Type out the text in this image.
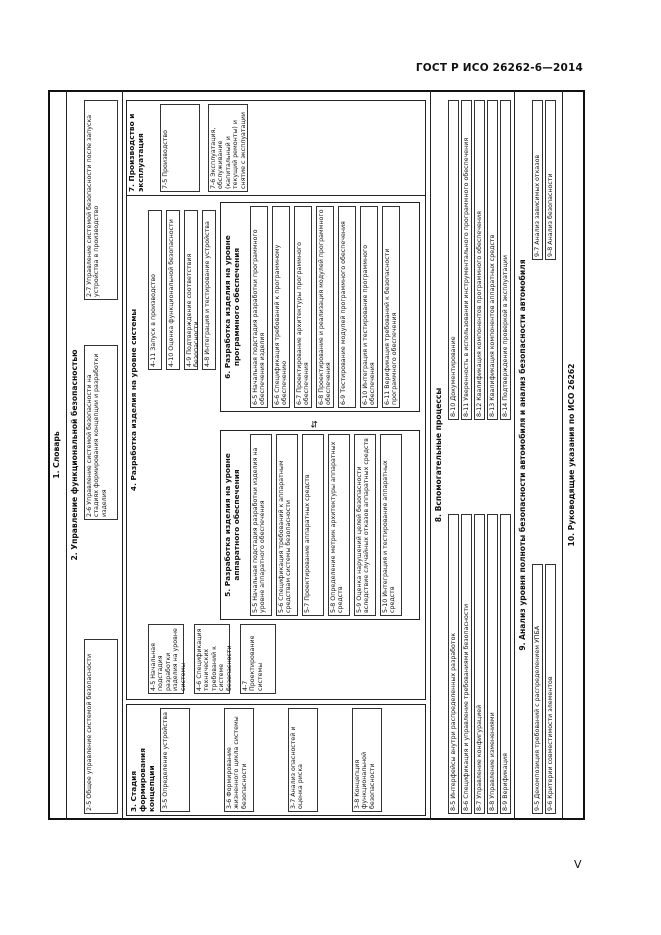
ГОСТ Р ИСО 26262-6—2014
V
1. Словарь 2. Управление функциональной безопасностью
2-5 Общее управление системой безопасности
2-6 Управление системой безопасности на стадиях формирования концепции и разработки изделия
2-7 Управление системой безопасности после запуска устройства в производство
3. Стадия формирования концепции
4. Разработка изделия на уровне системы
5. Разработка изделия на уровне аппаратного обеспечения
⇆
6. Разработка изделия на уровне программного обеспечения
7. Производство и эксплуатация
8. Вспомогательные процессы	9. Анализ уровня полноты безопасности автомобиля и анализ безопасности автомобиля	10. Руководящие указания по ИСО 26262
3-5 Определение устройства	3-6 Формирование жизненного цикла системы безопасности	3-7 Анализ опасностей и оценка риска	3-8 Концепция функциональной безопасности
4-5 Начальная подстадия разработки изделия на уровне системы	4-6 Спецификация технических требований к системе безопасности	4-7 Проектирование системы
4-11 Запуск в производство	4-10 Оценка функциональной безопасности	4-9 Подтверждение соответствия безопасности 4-8 Интеграция и тестирование устройства
5-5 Начальная подстадия разработки изделия на уровне аппаратного обеспечения	5-6 Спецификация требований к аппаратным средствам системы безопасности	5-7 Проектирование аппаратных средств	5-8 Определение метрик архитектуры аппаратных средств	5-9 Оценка нарушений целей безопасности вследствие случайных отказов аппаратных средств	5-10 Интеграция и тестирование аппаратных средств
6-5 Начальная подстадия разработки программного обеспечения изделия	6-6 Спецификация требований к программному обеспечению	6-7 Проектирование архитектуры программного обеспечения	6-8 Проектирование и реализация модулей программного обеспечения	6-9 Тестирование модулей программного обеспечения	6-10 Интеграция и тестирование программного обеспечения	6-11 Верификация требований к безопасности программного обеспечения
7-5 Производство	7-6 Эксплуатация, обслуживание (капитальный и текущий ремонты) и снятие с эксплуатации
8-5 Интерфейсы внутри распределенных разработок 8-6 Спецификация и управление требованиями безопасности 8-7 Управление конфигурацией 8-8 Управление изменениями 8-9 Верификация
8-10 Документирование 8-11 Уверенность в использовании инструментального программного обеспечения 8-12 Квалификация компонентов программного обеспечения 8-13 Квалификация компонентов аппаратных средств 8-14 Подтверждение проверкой в эксплуатации
9-5 Декомпозиция требований с распределением УПБА 9-6 Критерии совместимости элементов
9-7 Анализ зависимых отказов 9-8 Анализ безопасности
